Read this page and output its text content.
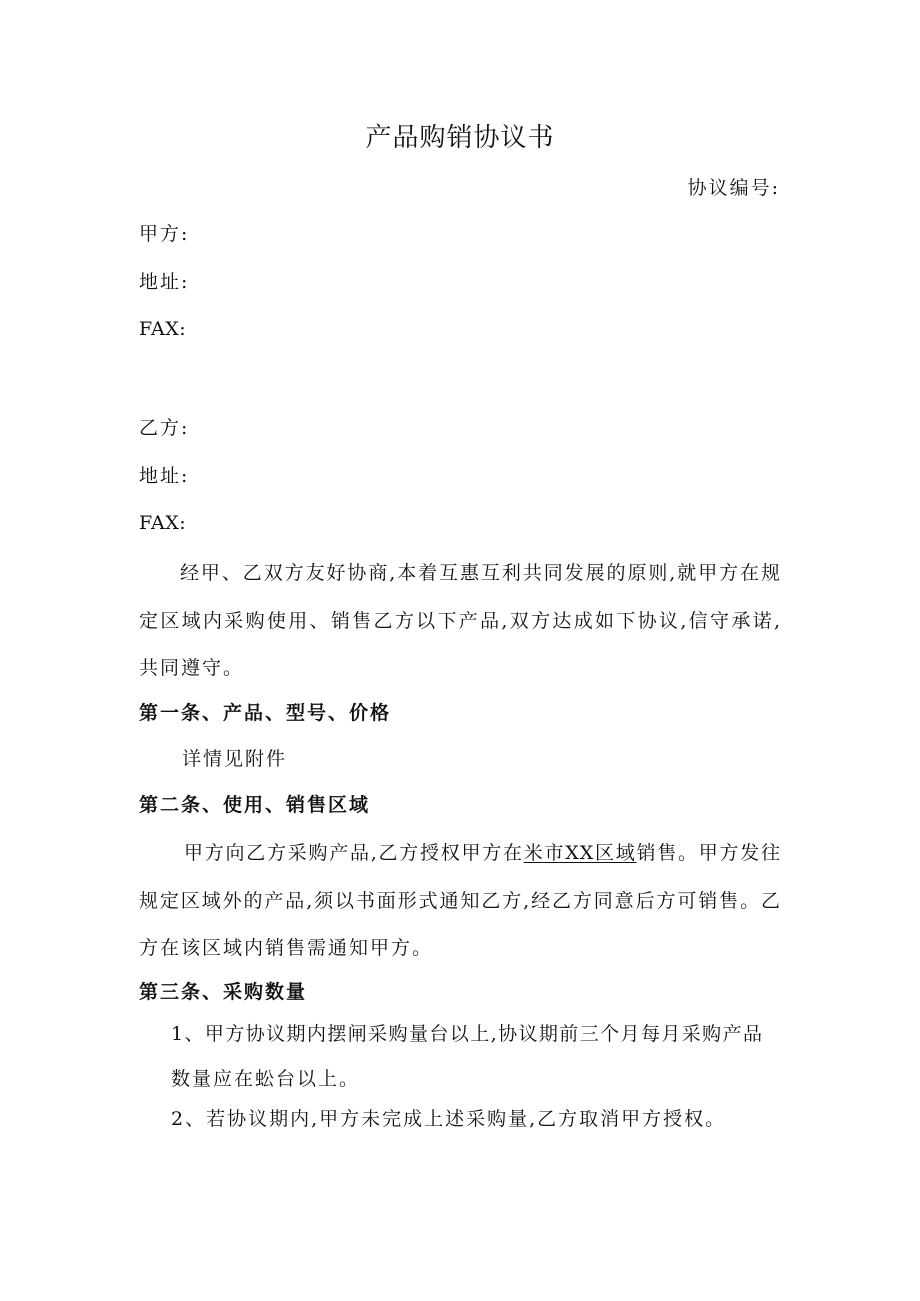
产品购销协议书
协议编号:
甲方:
地址:
FAX:
乙方:
地址:
FAX:
经甲、乙双方友好协商,本着互惠互利共同发展的原则,就甲方在规
定区域内采购使用、销售乙方以下产品,双方达成如下协议,信守承诺,
共同遵守。
第一条、产品、型号、价格
详情见附件
第二条、使用、销售区域
甲方向乙方采购产品,乙方授权甲方在米市XX区域销售。甲方发往
规定区域外的产品,须以书面形式通知乙方,经乙方同意后方可销售。乙
方在该区域内销售需通知甲方。
第三条、采购数量
1、甲方协议期内摆闸采购量台以上,协议期前三个月每月采购产品
数量应在蚣台以上。
2、若协议期内,甲方未完成上述采购量,乙方取消甲方授权。
